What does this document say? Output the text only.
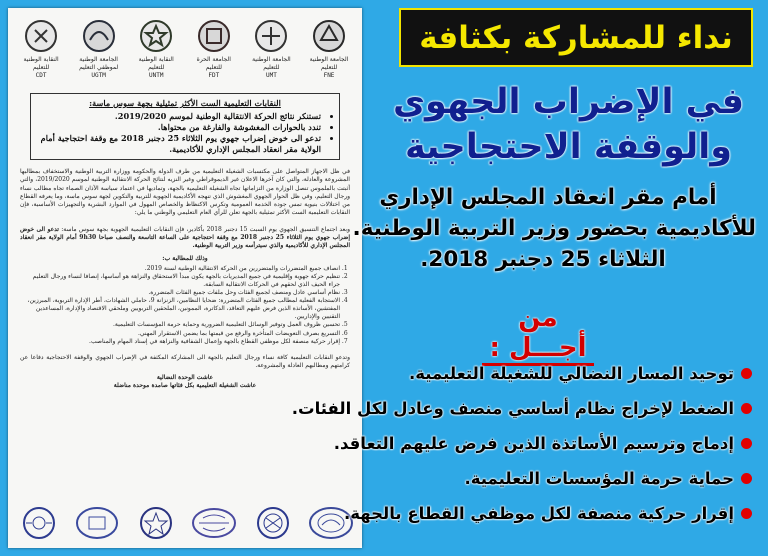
الجامعة الوطنية للتعليم
FNE
الجامعة الوطنية للتعليم
UMT
الجامعة الحرة للتعليم
FDT
النقابة الوطنية للتعليم
UNTM
الجامعة الوطنية لموظفي التعليم
UGTM
النقابة الوطنية للتعليم
CDT
النقابات التعليمية الست الأكثر تمثيلية بجهة سوس ماسة:
• تستنكر نتائج الحركة الانتقالية الوطنية لموسم 2019/2020.
• تندد بالحوارات المغشوشة والفارغة من محتواها.
• تدعو الى خوض إضراب جهوي يوم الثلاثاء 25 دجنبر 2018 مع وقفة احتجاجية أمام الولاية مقر انعقاد المجلس الإداري للأكاديمية.
في ظل الاجهاز المتواصل على مكتسبات الشغيلة التعليمية من طرف الدولة والحكومة ووزارة التربية الوطنية والاستخفاف بمطالبها المشروعة والعادلة، والتي كان آخرها الاعلان غير الديموقراطي وغير النزيه لنتائج الحركة الانتقالية الوطنية لموسم 2019/2020، والتي أثبتت بالملموس تنصل الوزارة من التزاماتها تجاه الشغيلة التعليمية بالجهة، وتماديها في اعتماد سياسة الآذان الصماء تجاه مطالب نساء ورجال التعليم، وفي ظل الحوار الجهوي المغشوش الذي تنهجه الأكاديمية الجهوية للتربية والتكوين لجهة سوس ماسة، وما يعرفه القطاع من اختلالات بنيوية تمس جودة الخدمة العمومية وتكرس الاكتظاظ والخصاص المهول في الموارد البشرية والتجهيزات الأساسية، فإن النقابات التعليمية الست الأكثر تمثيلية بالجهة تعلن للرأي العام التعليمي والوطني ما يلي:
وبعد اجتماع التنسيق الجهوي يوم السبت 15 دجنبر 2018 بأكادير، فإن النقابات التعليمية الجهوية بجهة سوس ماسة: تدعو الى خوض إضراب جهوي يوم الثلاثاء 25 دجنبر 2018 مع وقفة احتجاجية على الساعة التاسعة والنصف صباحا 9h30 أمام الولاية مقر انعقاد المجلس الإداري للأكاديمية والذي سيترأسه وزير التربية الوطنية.
وذلك للمطالبة ب:
1. انصاف جميع المتضررات والمتضررين من الحركة الانتقالية الوطنية لسنة 2019.
2. تنظيم حركة جهوية وإقليمية في جميع المديريات بالجهة يكون مبدأ الاستحقاق والنزاهة هو أساسها، إنصافا لنساء ورجال التعليم جراء الحيف الذي لحقهم في الحركات الانتقالية السابقة.
3. نظام أساسي عادل ومنصف لجميع الفئات وحل ملفات جميع الفئات المتضررة.
4. الاستجابة الفعلية لمطالب جميع الفئات المتضررة: ضحايا النظامين، الزنزانة 9، حاملي الشهادات، أطر الإدارة التربوية، المبرزين، المفتشين، الأساتذة الذين فرض عليهم التعاقد، الدكاترة، الممونين، الملحقين التربويين وملحقي الاقتصاد والإدارة، المساعدين التقنيين والإداريين.
5. تحسين ظروف العمل وتوفير الوسائل التعليمية الضرورية وحماية حرمة المؤسسات التعليمية.
6. التسريع بصرف التعويضات المتأخرة والرفع من قيمتها بما يضمن الاستقرار المهني.
7. إقرار حركية منصفة لكل موظفي القطاع بالجهة وإعمال الشفافية والنزاهة في إسناد المهام والمناصب.
وتدعو النقابات التعليمية كافة نساء ورجال التعليم بالجهة الى المشاركة المكثفة في الإضراب الجهوي والوقفة الاحتجاجية دفاعا عن كرامتهم ومطالبهم العادلة والمشروعة.
عاشت الوحدة النضالية
عاشت الشغيلة التعليمية بكل فئاتها صامدة موحدة مناضلة
نداء للمشاركة بكثافة
في الإضراب الجهوي
والوقفة الاحتجاجية
أمام مقر انعقاد المجلس الإداري
للأكاديمية بحضور وزير التربية الوطنية.
الثلاثاء 25 دجنبر 2018.
من أجـــل :
توحيد المسار النضالي للشغيلة التعليمية.
الضغط لإخراج نظام أساسي منصف وعادل لكل الفئات.
إدماج وترسيم الأساتذة الذين فرض عليهم التعاقد.
حماية حرمة المؤسسات التعليمية.
إقرار حركية منصفة لكل موظفي القطاع بالجهة.
